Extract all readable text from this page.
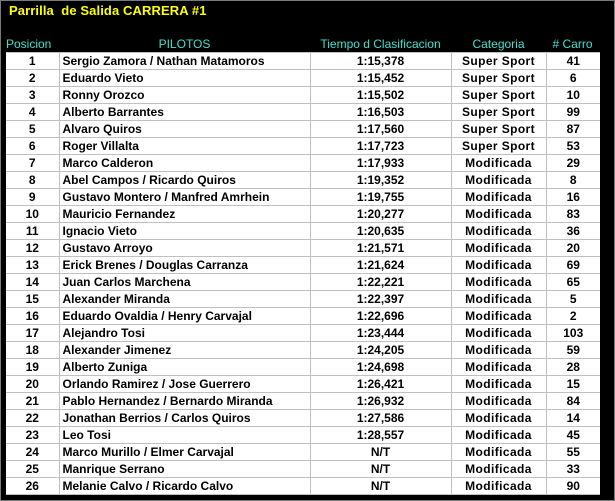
Parrilla  de Salida CARRERA #1
Posicion	PILOTOS	Tiempo d Clasificacion	Categoria	# Carro
1	Sergio Zamora / Nathan Matamoros	1:15,378	Super Sport	41
2	Eduardo Vieto	1:15,452	Super Sport	6
3	Ronny Orozco	1:15,502	Super Sport	10
4	Alberto Barrantes	1:16,503	Super Sport	99
5	Alvaro Quiros	1:17,560	Super Sport	87
6	Roger Villalta	1:17,723	Super Sport	53
7	Marco Calderon	1:17,933	Modificada	29
8	Abel Campos / Ricardo Quiros	1:19,352	Modificada	8
9	Gustavo Montero / Manfred Amrhein	1:19,755	Modificada	16
10	Mauricio Fernandez	1:20,277	Modificada	83
11	Ignacio Vieto	1:20,635	Modificada	36
12	Gustavo Arroyo	1:21,571	Modificada	20
13	Erick Brenes / Douglas Carranza	1:21,624	Modificada	69
14	Juan Carlos Marchena	1:22,221	Modificada	65
15	Alexander Miranda	1:22,397	Modificada	5
16	Eduardo Ovaldia / Henry Carvajal	1:22,696	Modificada	2
17	Alejandro Tosi	1:23,444	Modificada	103
18	Alexander Jimenez	1:24,205	Modificada	59
19	Alberto Zuniga	1:24,698	Modificada	28
20	Orlando Ramirez / Jose Guerrero	1:26,421	Modificada	15
21	Pablo Hernandez / Bernardo Miranda	1:26,932	Modificada	84
22	Jonathan Berrios / Carlos Quiros	1:27,586	Modificada	14
23	Leo Tosi	1:28,557	Modificada	45
24	Marco Murillo / Elmer Carvajal	N/T	Modificada	55
25	Manrique Serrano	N/T	Modificada	33
26	Melanie Calvo / Ricardo Calvo	N/T	Modificada	90
